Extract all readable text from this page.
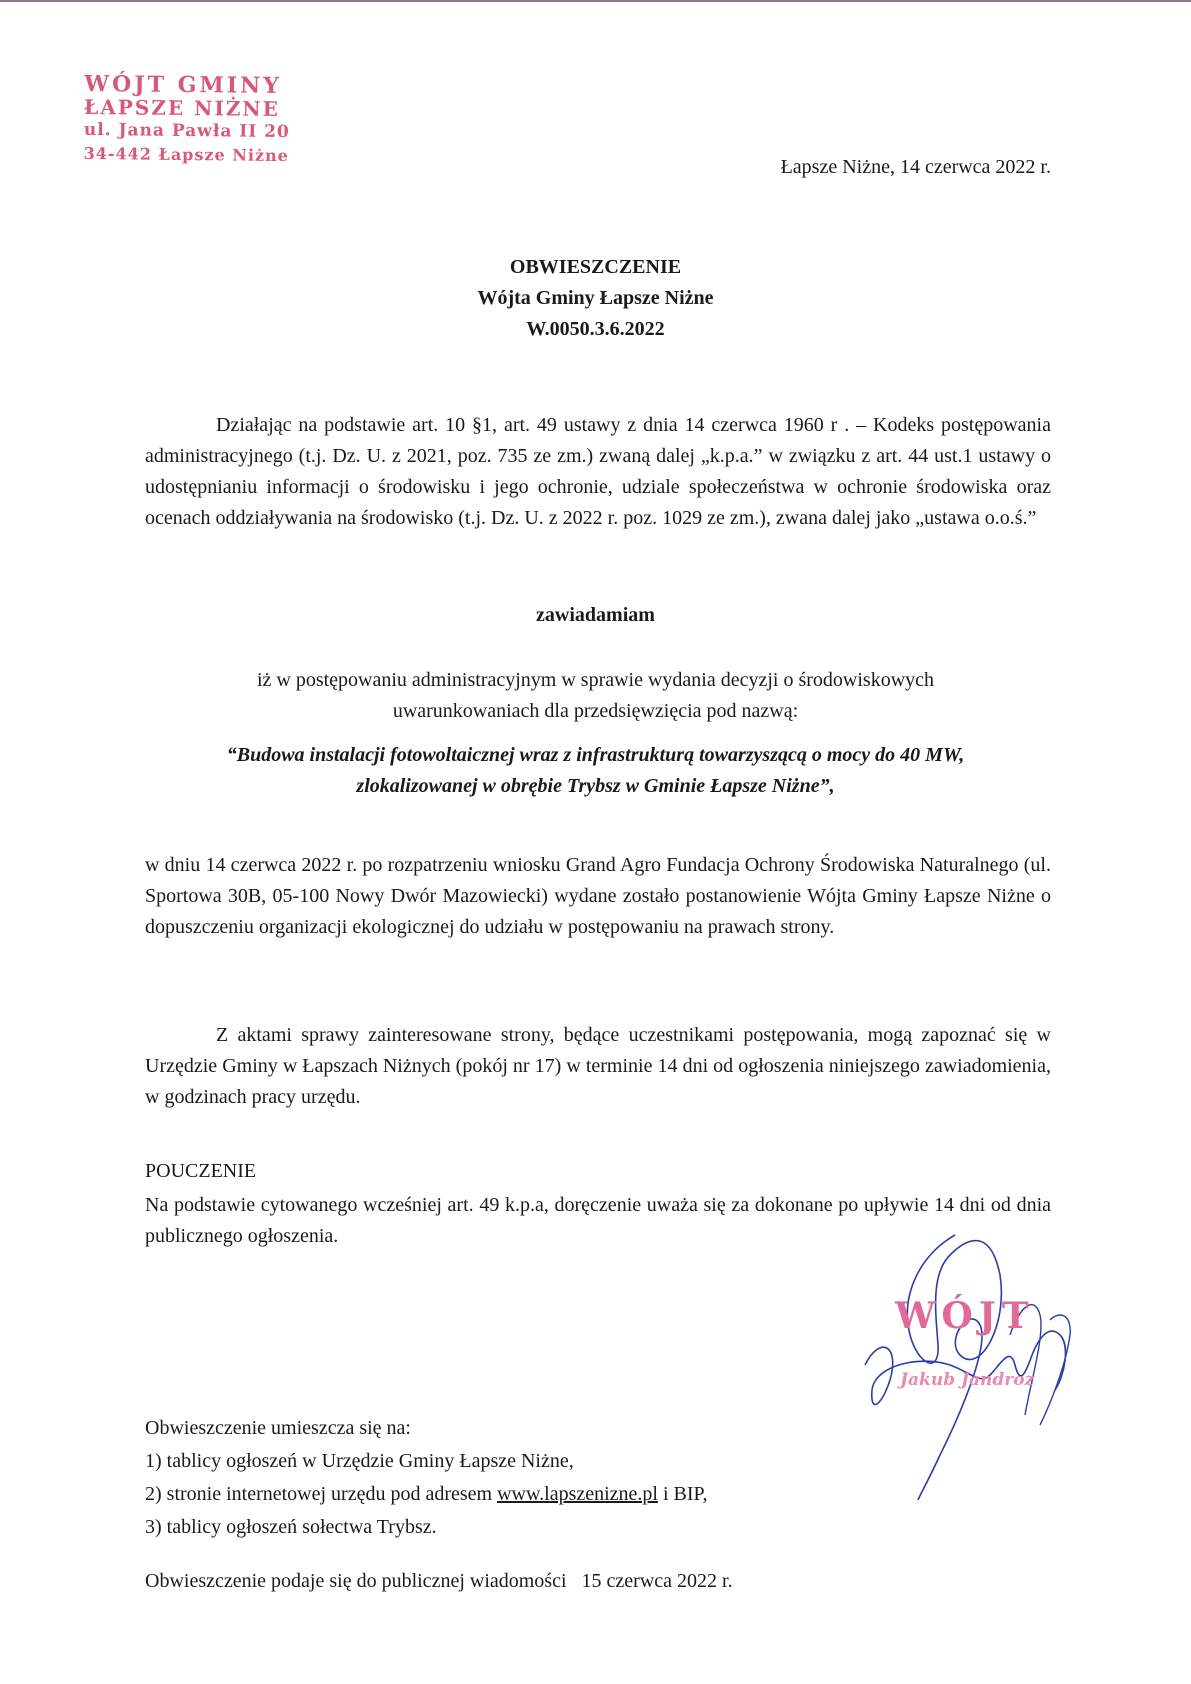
WÓJT GMINY
ŁAPSZE NIŻNE
ul. Jana Pawła II 20
34-442 Łapsze Niżne
Łapsze Niżne, 14 czerwca 2022 r.
OBWIESZCZENIE
Wójta Gminy Łapsze Niżne
W.0050.3.6.2022
Działając na podstawie art. 10 §1, art. 49 ustawy z dnia 14 czerwca 1960 r . – Kodeks postępowania administracyjnego (t.j. Dz. U. z 2021, poz. 735 ze zm.) zwaną dalej „k.p.a.” w związku z art. 44 ust.1 ustawy o udostępnianiu informacji o środowisku i jego ochronie, udziale społeczeństwa w ochronie środowiska oraz ocenach oddziaływania na środowisko (t.j. Dz. U. z 2022 r. poz. 1029 ze zm.), zwana dalej jako „ustawa o.o.ś.”
zawiadamiam
iż w postępowaniu administracyjnym w sprawie wydania decyzji o środowiskowych
uwarunkowaniach dla przedsięwzięcia pod nazwą:
“Budowa instalacji fotowoltaicznej wraz z infrastrukturą towarzyszącą o mocy do 40 MW,
zlokalizowanej w obrębie Trybsz w Gminie Łapsze Niżne”,
w dniu 14 czerwca 2022 r. po rozpatrzeniu wniosku Grand Agro Fundacja Ochrony Środowiska Naturalnego (ul. Sportowa 30B, 05-100 Nowy Dwór Mazowiecki) wydane zostało postanowienie Wójta Gminy Łapsze Niżne o dopuszczeniu organizacji ekologicznej do udziału w postępowaniu na prawach strony.
Z aktami sprawy zainteresowane strony, będące uczestnikami postępowania, mogą zapoznać się w Urzędzie Gminy w Łapszach Niżnych (pokój nr 17) w terminie 14 dni od ogłoszenia niniejszego zawiadomienia, w godzinach pracy urzędu.
POUCZENIE
Na podstawie cytowanego wcześniej art. 49 k.p.a, doręczenie uważa się za dokonane po upływie 14 dni od dnia publicznego ogłoszenia.
WÓJT
Jakub Jandroz
Obwieszczenie umieszcza się na:
1) tablicy ogłoszeń w Urzędzie Gminy Łapsze Niżne,
2) stronie internetowej urzędu pod adresem www.lapszenizne.pl i BIP,
3) tablicy ogłoszeń sołectwa Trybsz.
Obwieszczenie podaje się do publicznej wiadomości   15 czerwca 2022 r.
